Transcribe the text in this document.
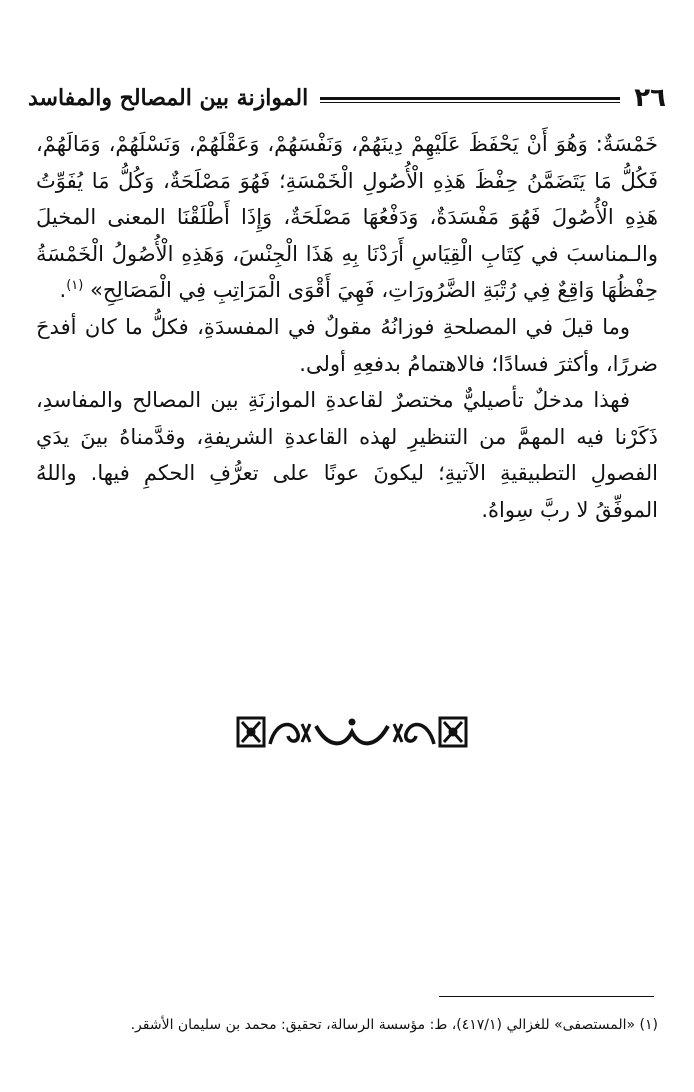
٢٦
الموازنة بين المصالح والمفاسد

خَمْسَةٌ: وَهُوَ أَنْ يَحْفَظَ عَلَيْهِمْ دِينَهُمْ، وَنَفْسَهُمْ، وَعَقْلَهُمْ، وَنَسْلَهُمْ، وَمَالَهُمْ، فَكُلُّ مَا يَتَضَمَّنُ حِفْظَ هَذِهِ الْأُصُولِ الْخَمْسَةِ؛ فَهُوَ مَصْلَحَةٌ، وَكُلُّ مَا يُفَوِّتُ هَذِهِ الْأُصُولَ فَهُوَ مَفْسَدَةٌ، وَدَفْعُهَا مَصْلَحَةٌ، وَإِذَا أَطْلَقْنَا المعنى المخيلَ والـمناسبَ في كِتَابِ الْقِيَاسِ أَرَدْنَا بِهِ هَذَا الْجِنْسَ، وَهَذِهِ الْأُصُولُ الْخَمْسَةُ حِفْظُهَا وَاقِعٌ فِي رُتْبَةِ الضَّرُورَاتِ، فَهِيَ أَقْوَى الْمَرَاتِبِ فِي الْمَصَالِحِ» $^{(١)}$.

وما قيلَ في المصلحةِ فوزانُهُ مقولٌ في المفسدَةِ، فكلُّ ما كان أفدحَ ضررًا، وأكثرَ فسادًا؛ فالاهتمامُ بدفعِهِ أولى.

فهذا مدخلٌ تأصيليٌّ مختصرٌ لقاعدةِ الموازنَةِ بين المصالح والمفاسدِ، ذَكَرْنا فيه المهمَّ من التنظيرِ لهذه القاعدةِ الشريفةِ، وقدَّمناهُ بينَ يدَي الفصولِ التطبيقيةِ الآتيةِ؛ ليكونَ عونًا على تعرُّفِ الحكمِ فيها. واللهُ الموفِّقُ لا ربَّ سِواهُ.

(١) «المستصفى» للغزالي (٤١٧/١)، ط: مؤسسة الرسالة، تحقيق: محمد بن سليمان الأشقر.
